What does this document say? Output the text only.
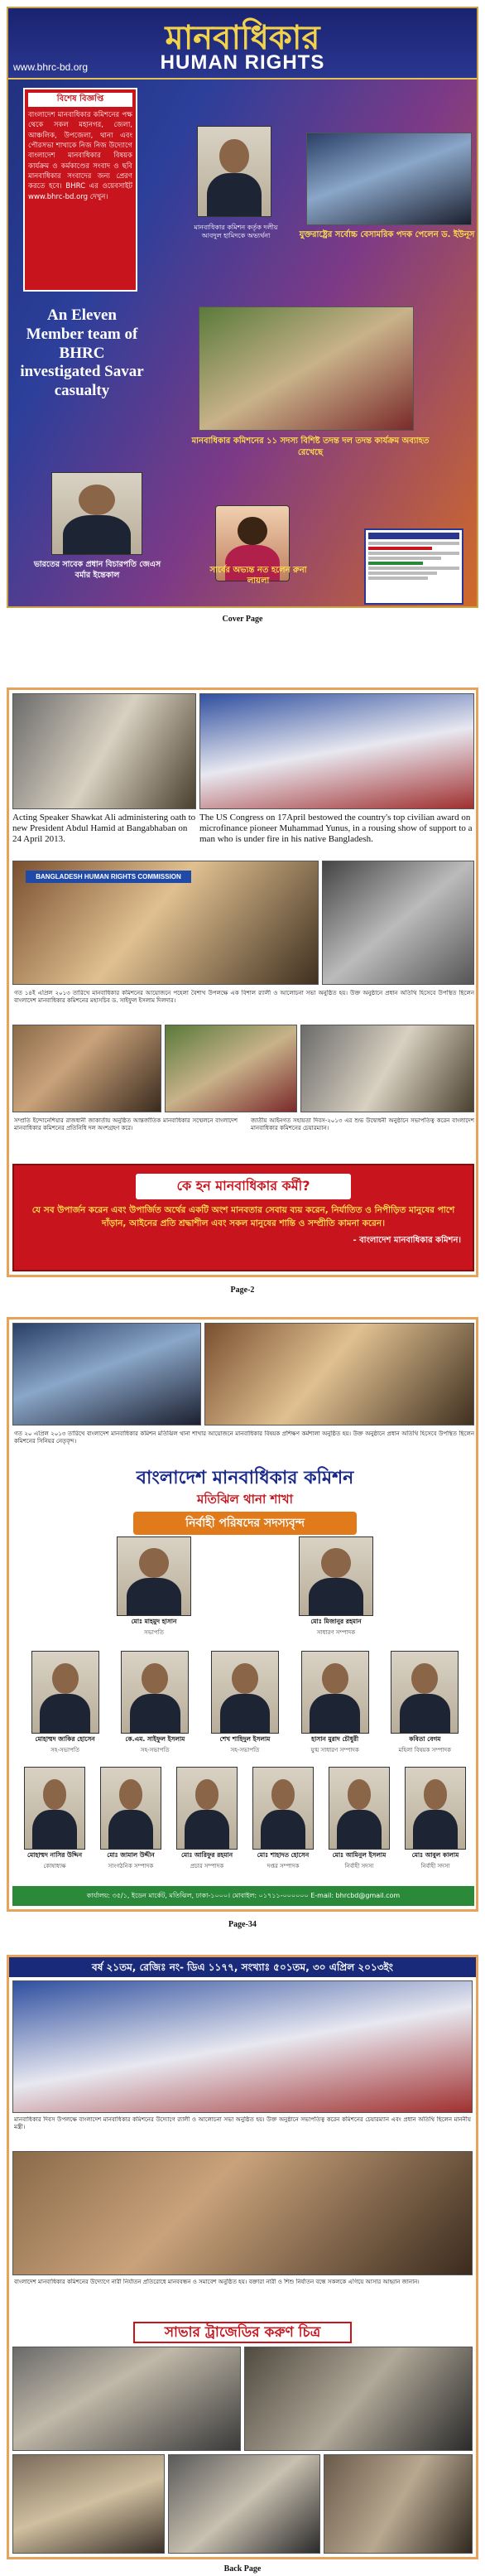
মানবাধিকার
HUMAN RIGHTS
www.bhrc-bd.org
বিশেষ বিজ্ঞপ্তি
বাংলাদেশ মানবাধিকার কমিশনের পক্ষ থেকে সকল মহানগর, জেলা, আঞ্চলিক, উপজেলা, থানা এবং পৌরসভা শাখাকে নিজ নিজ উদ্যোগে বাংলাদেশ মানবাধিকার বিষয়ক কার্যক্রম ও কর্মকাণ্ডের সংবাদ ও ছবি মানবাধিকার সংবাদের জন্য প্রেরণ করতে হবে। BHRC এর ওয়েবসাইট www.bhrc-bd.org দেখুন।
মানবাধিকার কমিশন কর্তৃক দলীয় আবদুল হামিদকে অভ্যর্থনা	যুক্তরাষ্ট্রের সর্বোচ্চ বেসামরিক পদক পেলেন ড. ইউনূস
An Eleven Member team of BHRC investigated Savar casualty
মানবাধিকার কমিশনের ১১ সদস্য বিশিষ্ট তদন্ত দল তদন্ত কার্যক্রম অব্যাহত রেখেছে
ভারতের সাবেক প্রধান বিচারপতি জেএস বর্মার ইন্তেকাল
সার্বের অভ্যন্ত নত হলেন রুনা লায়লা
Cover Page
Acting Speaker Shawkat Ali administering oath to new President Abdul Hamid at Bangabhaban on 24 April 2013.
The US Congress on 17April bestowed the country's top civilian award on microfinance pioneer Muhammad Yunus, in a rousing show of support to a man who is under fire in his native Bangladesh.
BANGLADESH HUMAN RIGHTS COMMISSION
গত ১৪ই এপ্রিল ২০১৩ তারিখে মানবাধিকার কমিশনের আয়োজনে পহেলা বৈশাখ উপলক্ষে এক বিশাল র‍্যালী ও আলোচনা সভা অনুষ্ঠিত হয়। উক্ত অনুষ্ঠানে প্রধান অতিথি হিসেবে উপস্থিত ছিলেন বাংলাদেশ মানবাধিকার কমিশনের মহাসচিব ড. সাইফুল ইসলাম দিলদার।
সম্প্রতি ইন্দোনেশিয়ার রাজধানী জাকার্তায় অনুষ্ঠিত আন্তর্জাতিক মানবাধিকার সম্মেলনে বাংলাদেশ মানবাধিকার কমিশনের প্রতিনিধি দল অংশগ্রহণ করে।
জাতীয় আইনগত সহায়তা দিবস-২০১৩ এর শুভ উদ্বোধনী অনুষ্ঠানে সভাপতিত্ব করেন বাংলাদেশ মানবাধিকার কমিশনের চেয়ারম্যান।
কে হন মানবাধিকার কর্মী?
যে সব উপার্জন করেন এবং উপার্জিত অর্থের একটি অংশ মানবতার সেবায় ব্যয় করেন, নির্যাতিত ও নিপীড়িত মানুষের পাশে দাঁড়ান, আইনের প্রতি শ্রদ্ধাশীল এবং সকল মানুষের শান্তি ও সম্প্রীতি কামনা করেন।
- বাংলাদেশ মানবাধিকার কমিশন।
Page-2
গত ২০ এপ্রিল ২০১৩ তারিখে বাংলাদেশ মানবাধিকার কমিশন মতিঝিল থানা শাখার আয়োজনে মানবাধিকার বিষয়ক প্রশিক্ষণ কর্মশালা অনুষ্ঠিত হয়। উক্ত অনুষ্ঠানে প্রধান অতিথি হিসেবে উপস্থিত ছিলেন কমিশনের সিনিয়র নেতৃবৃন্দ।
বাংলাদেশ মানবাধিকার কমিশন
মতিঝিল থানা শাখা
নির্বাহী পরিষদের সদস্যবৃন্দ
মোঃ মাহমুদ হাসান
সভাপতি
মোঃ মিজানুর রহমান
সাধারণ সম্পাদক
মোহাম্মদ জাকির হোসেন
সহ-সভাপতি
কে.এম. সাইফুল ইসলাম
সহ-সভাপতি
শেখ শাহিদুল ইসলাম
সহ-সভাপতি
হাসান মুরাদ চৌধুরী
যুগ্ম সাধারণ সম্পাদক
কবিতা বেগম
মহিলা বিষয়ক সম্পাদক
মোহাম্মদ নাসির উদ্দিন
কোষাধ্যক্ষ
মোঃ জামাল উদ্দীন
সাংগঠনিক সম্পাদক
মোঃ আরিফুর রহমান
প্রচার সম্পাদক
মোঃ শাহাদত হোসেন
দপ্তর সম্পাদক
মোঃ আমিনুল ইসলাম
নির্বাহী সদস্য
মোঃ আবুল কালাম
নির্বাহী সদস্য
কার্যালয়: ৩৫/১, ইডেন মার্কেট, মতিঝিল, ঢাকা-১০০০। মোবাইল: ০১৭১১-০০০০০০ E-mail: bhrcbd@gmail.com
Page-34
বর্ষ ২১তম, রেজিঃ নং- ডিএ ১১৭৭, সংখ্যাঃ ৫০১তম, ৩০ এপ্রিল ২০১৩ইং
মানবাধিকার দিবস উপলক্ষে বাংলাদেশ মানবাধিকার কমিশনের উদ্যোগে র‍্যালী ও আলোচনা সভা অনুষ্ঠিত হয়। উক্ত অনুষ্ঠানে সভাপতিত্ব করেন কমিশনের চেয়ারম্যান এবং প্রধান অতিথি ছিলেন মাননীয় মন্ত্রী।
বাংলাদেশ মানবাধিকার কমিশনের উদ্যোগে নারী নির্যাতন প্রতিরোধে মানববন্ধন ও সমাবেশ অনুষ্ঠিত হয়। বক্তারা নারী ও শিশু নির্যাতন বন্ধে সকলকে এগিয়ে আসার আহ্বান জানান।
সাভার ট্রাজেডির করুণ চিত্র
Back Page
